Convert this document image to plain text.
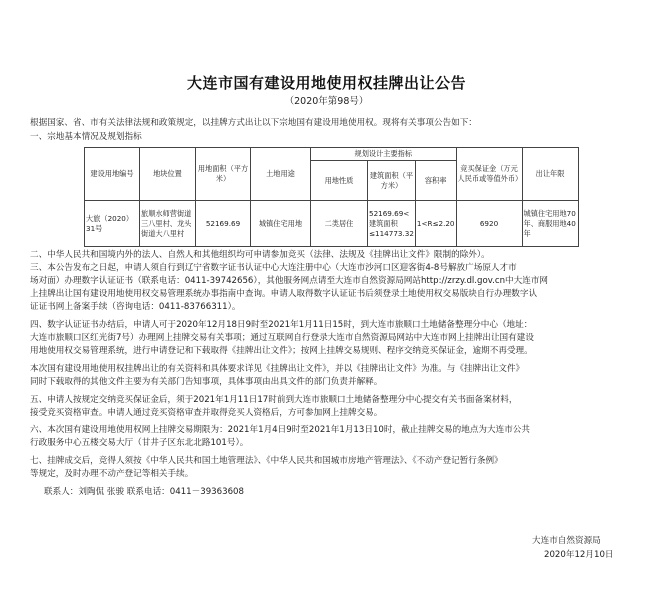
大连市国有建设用地使用权挂牌出让公告
（2020年第98号）
根据国家、省、市有关法律法规和政策规定，以挂牌方式出让以下宗地国有建设用地使用权。现将有关事项公告如下：
一、宗地基本情况及规划指标
建设用地编号	地块位置	用地面积（平方米）	土地用途	规划设计主要指标			竞买保证金（万元人民币或等值外币）	出让年限
				用地性质	建筑面积（平方米）	容积率		
大旅（2020）31号	旅顺水师营街道三八里村、龙头街道大八里村	52169.69	城镇住宅用地	二类居住	52169.69<建筑面积≤114773.32	1<R≤2.20	6920	城镇住宅用地70年、商服用地40年
二、中华人民共和国境内外的法人、自然人和其他组织均可申请参加竞买（法律、法规及《挂牌出让文件》限制的除外）。
三、本公告发布之日起，申请人须自行到辽宁省数字证书认证中心大连注册中心（大连市沙河口区迎客街4-8号解放广场原人才市
场对面）办理数字认证证书（联系电话：0411-39742656），其他服务网点请至大连市自然资源局网站http://zrzy.dl.gov.cn中大连市网
上挂牌出让国有建设用地使用权交易管理系统办事指南中查询。申请人取得数字认证证书后须登录土地使用权交易版块自行办理数字认
证证书网上备案手续（咨询电话：0411-83766311）。
四、数字认证证书办结后，申请人可于2020年12月18日9时至2021年1月11日15时，到大连市旅顺口土地储备整理分中心（地址：
大连市旅顺口区红光街7号）办理网上挂牌交易有关事项；通过互联网自行登录大连市自然资源局网站中大连市网上挂牌出让国有建设
用地使用权交易管理系统，进行申请登记和下载取得《挂牌出让文件》；按网上挂牌交易规则、程序交纳竞买保证金，逾期不再受理。
本次国有建设用地使用权挂牌出让的有关资料和具体要求详见《挂牌出让文件》，并以《挂牌出让文件》为准。与《挂牌出让文件》
同时下载取得的其他文件主要为有关部门告知事项，具体事项由出具文件的部门负责并解释。
五、申请人按规定交纳竞买保证金后，须于2021年1月11日17时前到大连市旅顺口土地储备整理分中心提交有关书面备案材料，
接受竞买资格审查。申请人通过竞买资格审查并取得竞买人资格后，方可参加网上挂牌交易。
六、本次国有建设用地使用权网上挂牌交易期限为：2021年1月4日9时至2021年1月13日10时，截止挂牌交易的地点为大连市公共
行政服务中心五楼交易大厅（甘井子区东北北路101号）。
七、挂牌成交后，竞得人须按《中华人民共和国土地管理法》、《中华人民共和国城市房地产管理法》、《不动产登记暂行条例》
等规定，及时办理不动产登记等相关手续。
联系人：刘陶侃 张骏 联系电话：0411－39363608
大连市自然资源局
2020年12月10日
